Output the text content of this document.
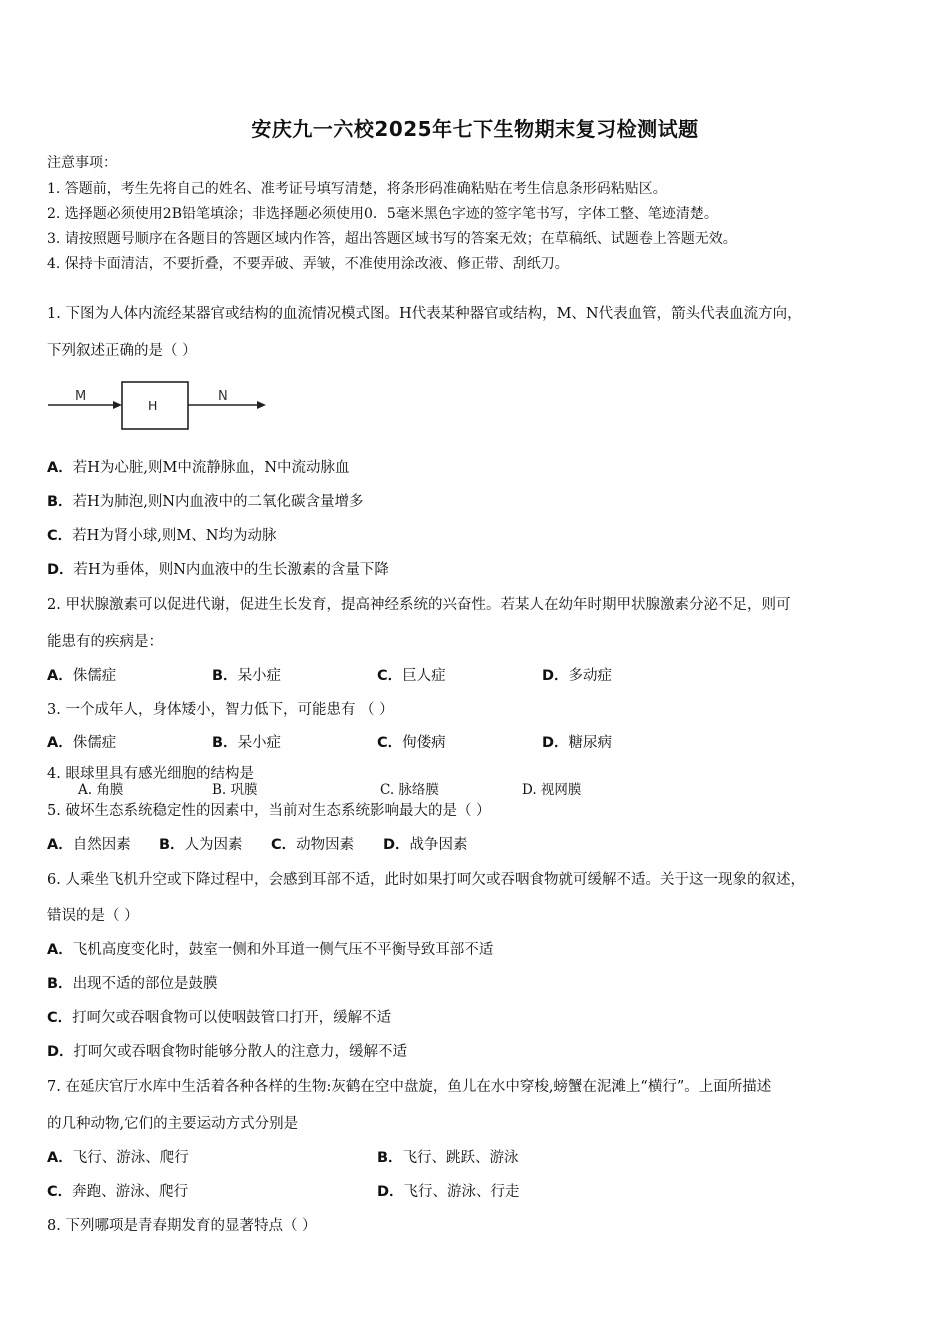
安庆九一六校2025年七下生物期末复习检测试题
注意事项：
1. 答题前，考生先将自己的姓名、准考证号填写清楚，将条形码准确粘贴在考生信息条形码粘贴区。
2. 选择题必须使用2B铅笔填涂；非选择题必须使用0．5毫米黑色字迹的签字笔书写，字体工整、笔迹清楚。
3. 请按照题号顺序在各题目的答题区域内作答，超出答题区域书写的答案无效；在草稿纸、试题卷上答题无效。
4. 保持卡面清洁，不要折叠，不要弄破、弄皱，不准使用涂改液、修正带、刮纸刀。
1. 下图为人体内流经某器官或结构的血流情况模式图。H代表某种器官或结构，M、N代表血管，箭头代表血流方向，
下列叙述正确的是（ ）
M
H
N
A．若H为心脏,则M中流静脉血，N中流动脉血
B．若H为肺泡,则N内血液中的二氧化碳含量增多
C．若H为肾小球,则M、N均为动脉
D．若H为垂体，则N内血液中的生长激素的含量下降
2. 甲状腺激素可以促进代谢，促进生长发育，提高神经系统的兴奋性。若某人在幼年时期甲状腺激素分泌不足，则可
能患有的疾病是：
A．侏儒症	B．呆小症	C．巨人症	D．多动症
3. 一个成年人，身体矮小，智力低下，可能患有 （ ）
A．侏儒症	B．呆小症	C．佝偻病	D．糖尿病
4. 眼球里具有感光细胞的结构是
A. 角膜	B. 巩膜	C. 脉络膜	D. 视网膜
5. 破坏生态系统稳定性的因素中，当前对生态系统影响最大的是（ ）
A．自然因素 B．人为因素 C．动物因素 D．战争因素
6. 人乘坐飞机升空或下降过程中，会感到耳部不适，此时如果打呵欠或吞咽食物就可缓解不适。关于这一现象的叙述，
错误的是（ ）
A．飞机高度变化时，鼓室一侧和外耳道一侧气压不平衡导致耳部不适
B．出现不适的部位是鼓膜
C．打呵欠或吞咽食物可以使咽鼓管口打开，缓解不适
D．打呵欠或吞咽食物时能够分散人的注意力，缓解不适
7. 在延庆官厅水库中生活着各种各样的生物:灰鹤在空中盘旋，鱼儿在水中穿梭,螃蟹在泥滩上“横行”。上面所描述
的几种动物,它们的主要运动方式分别是
A．飞行、游泳、爬行	B．飞行、跳跃、游泳
C．奔跑、游泳、爬行	D．飞行、游泳、行走
8. 下列哪项是青春期发育的显著特点（ ）
